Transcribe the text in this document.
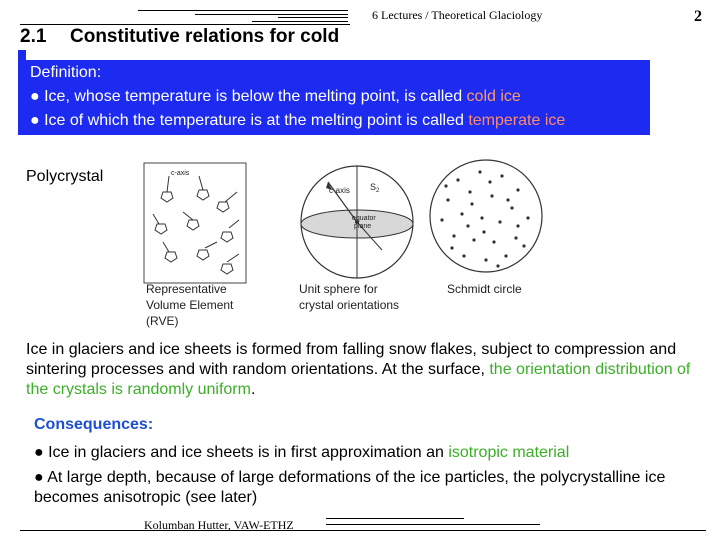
6 Lectures / Theoretical Glaciology	2
2.1 Constitutive relations for cold
Definition:
● Ice, whose temperature is below the melting point, is called cold ice
● Ice of which the temperature is at the melting point is called temperate ice
Polycrystal	c-axis
Representative
Volume Element
(RVE)
c-axis $S_2$
equator
plane
Unit sphere for
crystal orientations
Schmidt circle
Ice in glaciers and ice sheets is formed from falling snow flakes, subject to compression and sintering processes and with random orientations. At the surface, the orientation distribution of the crystals is randomly uniform.
Consequences:
● Ice in glaciers and ice sheets is in first approximation an isotropic material
● At large depth, because of large deformations of the ice particles, the polycrystalline ice becomes anisotropic (see later)
Kolumban Hutter, VAW-ETHZ
